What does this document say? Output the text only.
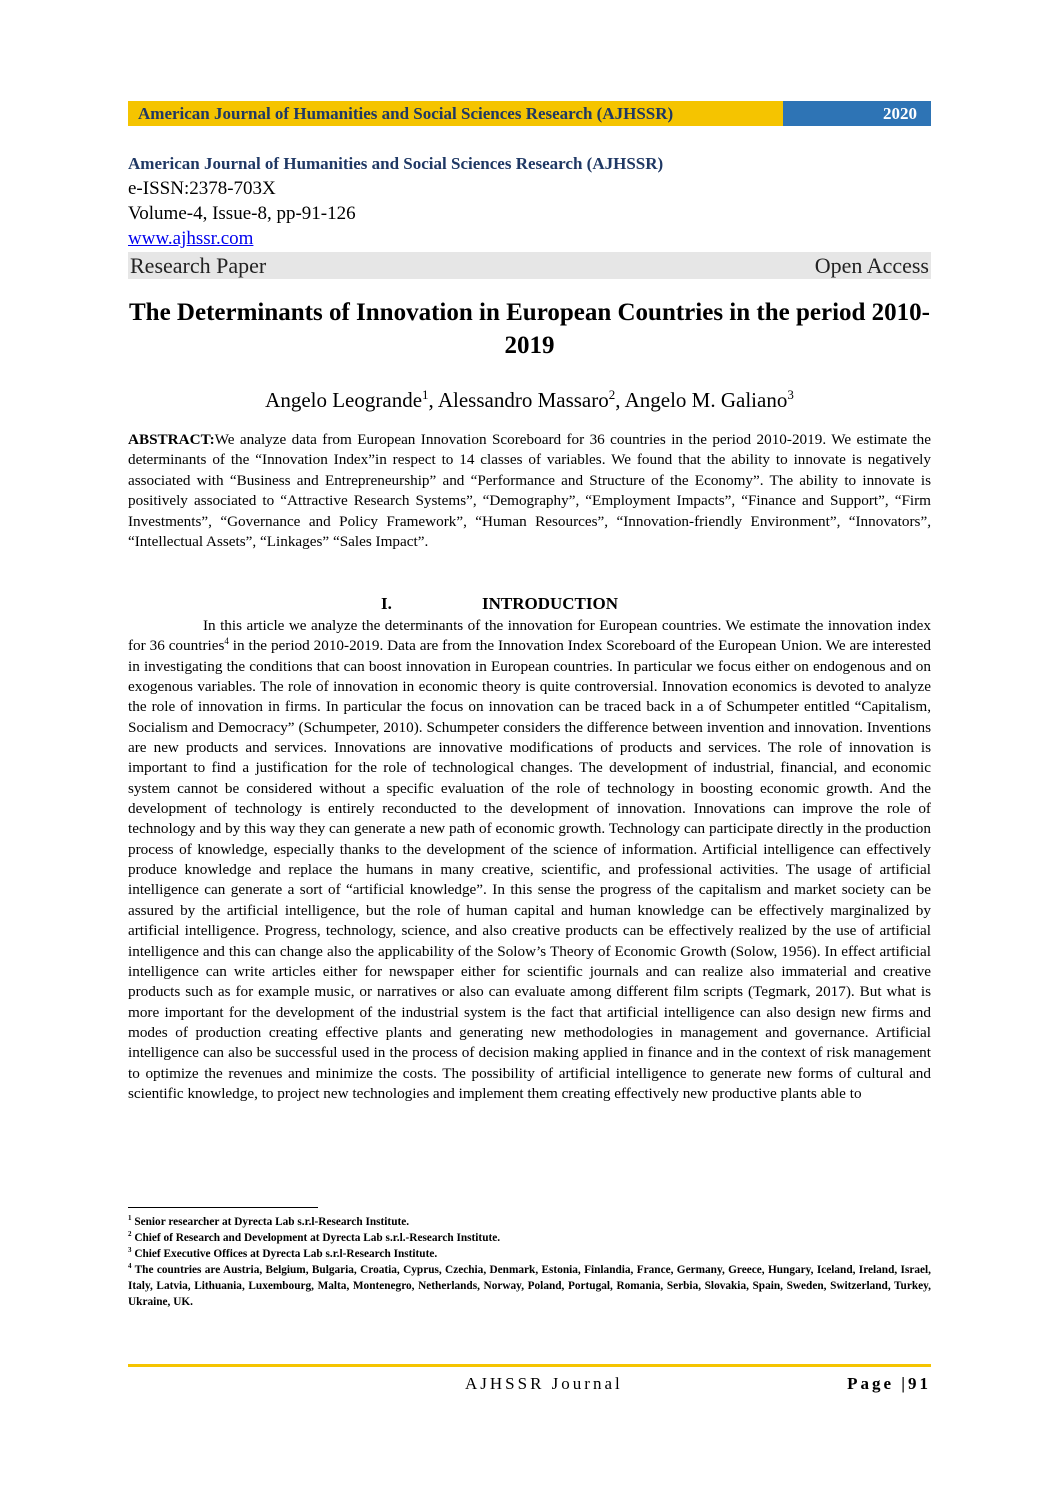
American Journal of Humanities and Social Sciences Research (AJHSSR)	2020
American Journal of Humanities and Social Sciences Research (AJHSSR)
e-ISSN:2378-703X
Volume-4, Issue-8, pp-91-126
www.ajhssr.com
Research Paper	Open Access
The Determinants of Innovation in European Countries in the period 2010-2019
Angelo Leogrande$^1$, Alessandro Massaro$^2$, Angelo M. Galiano$^3$
ABSTRACT:We analyze data from European Innovation Scoreboard for 36 countries in the period 2010-2019. We estimate the determinants of the “Innovation Index”in respect to 14 classes of variables. We found that the ability to innovate is negatively associated with “Business and Entrepreneurship” and “Performance and Structure of the Economy”. The ability to innovate is positively associated to “Attractive Research Systems”, “Demography”, “Employment Impacts”, “Finance and Support”, “Firm Investments”, “Governance and Policy Framework”, “Human Resources”, “Innovation-friendly Environment”, “Innovators”, “Intellectual Assets”, “Linkages” “Sales Impact”.
I.	INTRODUCTION

In this article we analyze the determinants of the innovation for European countries. We estimate the innovation index for 36 countries$^4$ in the period 2010-2019. Data are from the Innovation Index Scoreboard of the European Union. We are interested in investigating the conditions that can boost innovation in European countries. In particular we focus either on endogenous and on exogenous variables. The role of innovation in economic theory is quite controversial. Innovation economics is devoted to analyze the role of innovation in firms. In particular the focus on innovation can be traced back in a of Schumpeter entitled “Capitalism, Socialism and Democracy” (Schumpeter, 2010). Schumpeter considers the difference between invention and innovation. Inventions are new products and services. Innovations are innovative modifications of products and services. The role of innovation is important to find a justification for the role of technological changes. The development of industrial, financial, and economic system cannot be considered without a specific evaluation of the role of technology in boosting economic growth. And the development of technology is entirely reconducted to the development of innovation. Innovations can improve the role of technology and by this way they can generate a new path of economic growth. Technology can participate directly in the production process of knowledge, especially thanks to the development of the science of information. Artificial intelligence can effectively produce knowledge and replace the humans in many creative, scientific, and professional activities. The usage of artificial intelligence can generate a sort of “artificial knowledge”. In this sense the progress of the capitalism and market society can be assured by the artificial intelligence, but the role of human capital and human knowledge can be effectively marginalized by artificial intelligence. Progress, technology, science, and also creative products can be effectively realized by the use of artificial intelligence and this can change also the applicability of the Solow’s Theory of Economic Growth (Solow, 1956). In effect artificial intelligence can write articles either for newspaper either for scientific journals and can realize also immaterial and creative products such as for example music, or narratives or also can evaluate among different film scripts (Tegmark, 2017). But what is more important for the development of the industrial system is the fact that artificial intelligence can also design new firms and modes of production creating effective plants and generating new methodologies in management and governance. Artificial intelligence can also be successful used in the process of decision making applied in finance and in the context of risk management to optimize the revenues and minimize the costs. The possibility of artificial intelligence to generate new forms of cultural and scientific knowledge, to project new technologies and implement them creating effectively new productive plants able to

$^1$ Senior researcher at Dyrecta Lab s.r.l-Research Institute.
$^2$ Chief of Research and Development at Dyrecta Lab s.r.l.-Research Institute.
$^3$ Chief Executive Offices at Dyrecta Lab s.r.l-Research Institute.
$^4$ The countries are Austria, Belgium, Bulgaria, Croatia, Cyprus, Czechia, Denmark, Estonia, Finlandia, France, Germany, Greece, Hungary, Iceland, Ireland, Israel, Italy, Latvia, Lithuania, Luxembourg, Malta, Montenegro, Netherlands, Norway, Poland, Portugal, Romania, Serbia, Slovakia, Spain, Sweden, Switzerland, Turkey, Ukraine, UK.
AJHSSR Journal	Page |91
